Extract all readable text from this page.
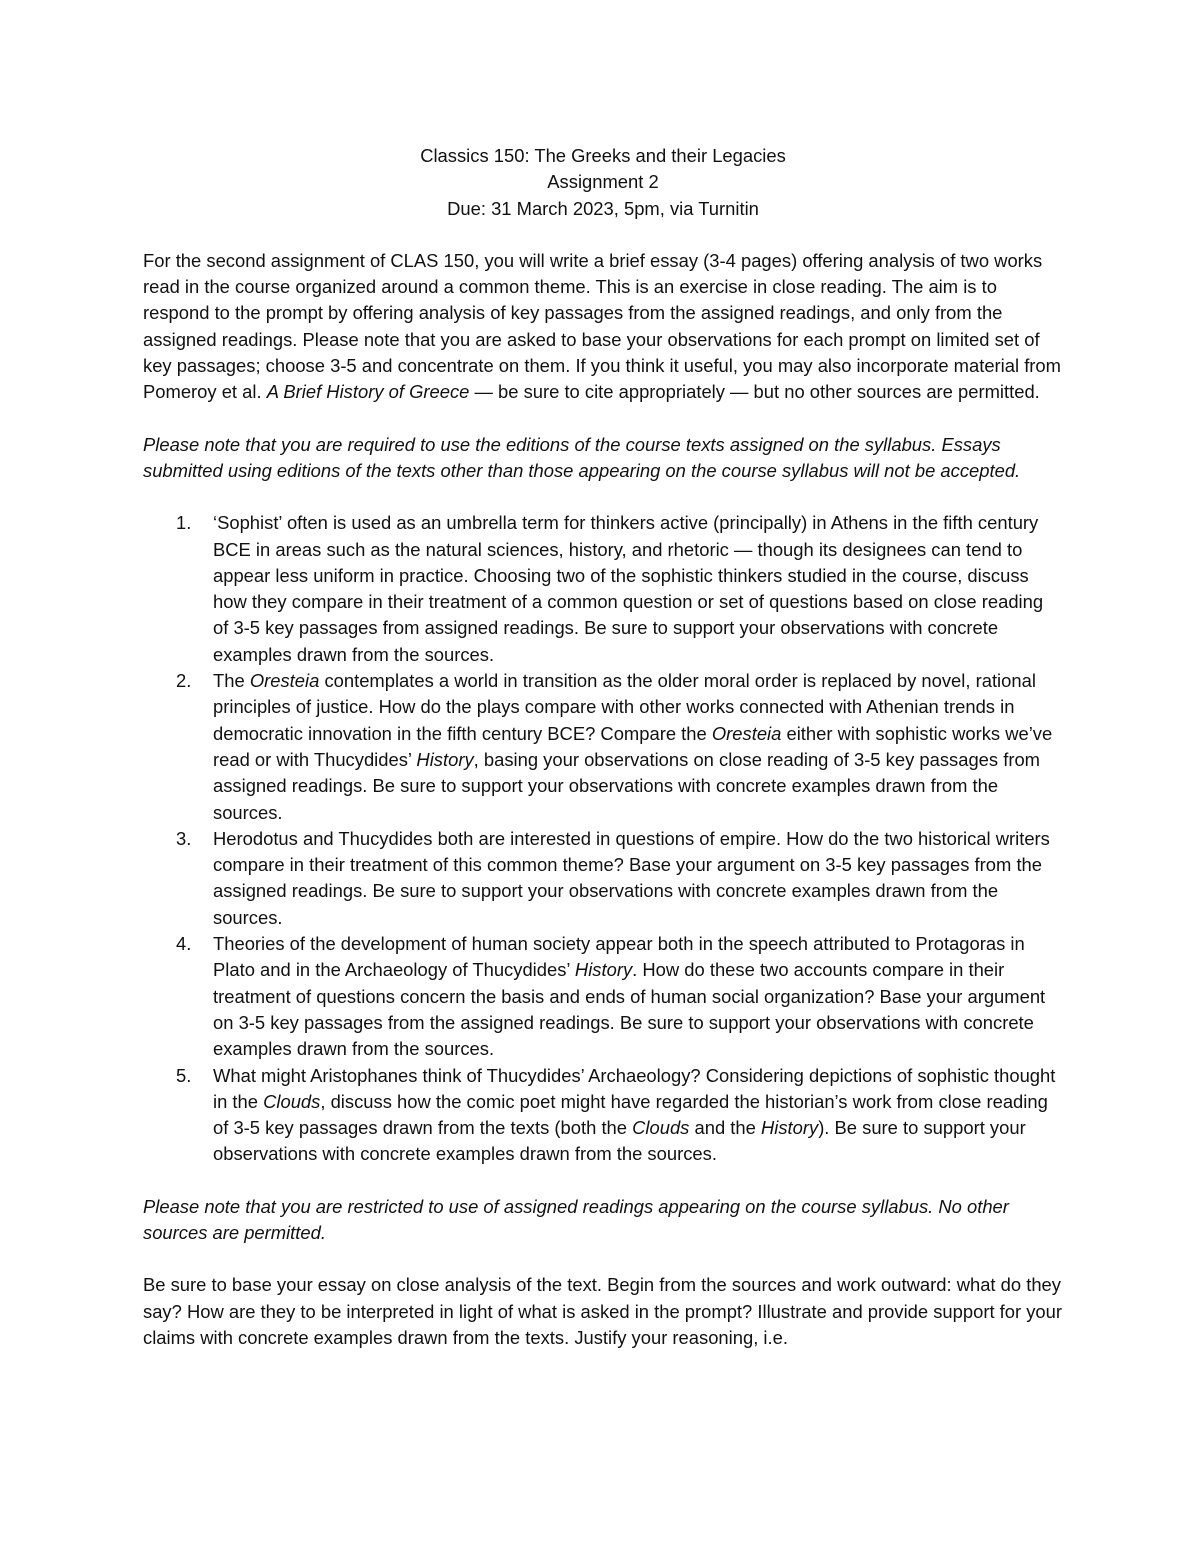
Classics 150: The Greeks and their Legacies

Assignment 2

Due: 31 March 2023, 5pm, via Turnitin

For the second assignment of CLAS 150, you will write a brief essay (3-4 pages) offering analysis of two works read in the course organized around a common theme. This is an exercise in close reading. The aim is to respond to the prompt by offering analysis of key passages from the assigned readings, and only from the assigned readings. Please note that you are asked to base your observations for each prompt on limited set of key passages; choose 3-5 and concentrate on them. If you think it useful, you may also incorporate material from Pomeroy et al. A Brief History of Greece — be sure to cite appropriately — but no other sources are permitted.

Please note that you are required to use the editions of the course texts assigned on the syllabus. Essays submitted using editions of the texts other than those appearing on the course syllabus will not be accepted.

1. ‘Sophist’ often is used as an umbrella term for thinkers active (principally) in Athens in the fifth century BCE in areas such as the natural sciences, history, and rhetoric — though its designees can tend to appear less uniform in practice. Choosing two of the sophistic thinkers studied in the course, discuss how they compare in their treatment of a common question or set of questions based on close reading of 3-5 key passages from assigned readings. Be sure to support your observations with concrete examples drawn from the sources.
2. The Oresteia contemplates a world in transition as the older moral order is replaced by novel, rational principles of justice. How do the plays compare with other works connected with Athenian trends in democratic innovation in the fifth century BCE? Compare the Oresteia either with sophistic works we’ve read or with Thucydides’ History, basing your observations on close reading of 3-5 key passages from assigned readings. Be sure to support your observations with concrete examples drawn from the sources.
3. Herodotus and Thucydides both are interested in questions of empire. How do the two historical writers compare in their treatment of this common theme? Base your argument on 3-5 key passages from the assigned readings. Be sure to support your observations with concrete examples drawn from the sources.
4. Theories of the development of human society appear both in the speech attributed to Protagoras in Plato and in the Archaeology of Thucydides’ History. How do these two accounts compare in their treatment of questions concern the basis and ends of human social organization? Base your argument on 3-5 key passages from the assigned readings. Be sure to support your observations with concrete examples drawn from the sources.
5. What might Aristophanes think of Thucydides’ Archaeology? Considering depictions of sophistic thought in the Clouds, discuss how the comic poet might have regarded the historian’s work from close reading of 3-5 key passages drawn from the texts (both the Clouds and the History). Be sure to support your observations with concrete examples drawn from the sources.

Please note that you are restricted to use of assigned readings appearing on the course syllabus. No other sources are permitted.

Be sure to base your essay on close analysis of the text. Begin from the sources and work outward: what do they say? How are they to be interpreted in light of what is asked in the prompt? Illustrate and provide support for your claims with concrete examples drawn from the texts. Justify your reasoning, i.e.
